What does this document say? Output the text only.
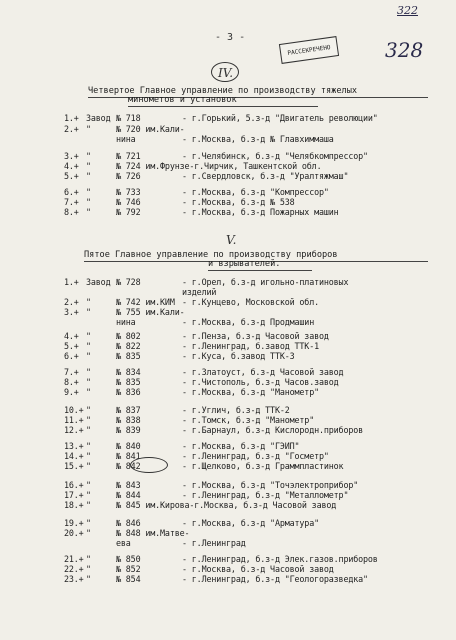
322
- 3 -
РАССЕКРЕЧЕНО	328
IV.
Четвертое Главное управление по производству тяжелых
минометов и установок
1.+ Завод № 718	- г.Горький, 5.з-д "Двигатель революции"
2.+ "	№ 720 им.Кали-
нина	- г.Москва, б.з-д № Главхиммаша
3.+ "	№ 721	- г.Челябинск, б.з-д "Челябкомпрессор"
4.+ "	№ 724 им.Фрунзе-г.Чирчик, Ташкентской обл.
5.+ "	№ 726	- г.Свердловск, б.з-д "Уралтяжмаш"
6.+ "	№ 733	- г.Москва, б.з-д "Компрессор"
7.+ "	№ 746	- г.Москва, б.з-д № 538
8.+ "	№ 792	- г.Москва, б.з-д Пожарных машин
V.
Пятое Главное управление по производству приборов
и взрывателей.
1.+ Завод № 728	- г.Орел, б.з-д игольно-платиновых
изделий
2.+ "	№ 742 им.КИМ - г.Кунцево, Московской обл.
3.+ "	№ 755 им.Кали-
нина	- г.Москва, б.з-д Продмашин
4.+ "	№ 802	- г.Пенза, б.з-д Часовой завод
5.+ "	№ 822	- г.Ленинград, б.завод ТТК-1
6.+ "	№ 835	- г.Куса, б.завод ТТК-3
7.+ "	№ 834	- г.Златоуст, б.з-д Часовой завод
8.+ "	№ 835	- г.Чистополь, б.з-д Часов.завод
9.+ "	№ 836	- г.Москва, б.з-д "Манометр"
10.+ "	№ 837	- г.Углич, б.з-д ТТК-2
11.+ "	№ 838	- г.Томск, б.з-д "Манометр"
12.+ "	№ 839	- г.Барнаул, б.з-д Кислородн.приборов
13.+ "	№ 840	- г.Москва, б.з-д "ГЭИП"
14.+ "	№ 841	- г.Ленинград, б.з-д "Госметр"
15.+ "	№ 842	- г.Щелково, б.з-д Граммпластинок
16.+ "	№ 843	- г.Москва, б.з-д "Точэлектроприбор"
17.+ "	№ 844	- г.Ленинград, б.з-д "Металлометр"
18.+ "	№ 845 им.Кирова-г.Москва, б.з-д Часовой завод
19.+ "	№ 846	- г.Москва, б.з-д "Арматура"
20.+ "	№ 848 им.Матве-
ева	- г.Ленинград
21.+ "	№ 850	- г.Ленинград, б.з-д Элек.газов.приборов
22.+ "	№ 852	- г.Москва, б.з-д Часовой завод
23.+ "	№ 854	- г.Ленинград, б.з-д "Геологоразведка"
